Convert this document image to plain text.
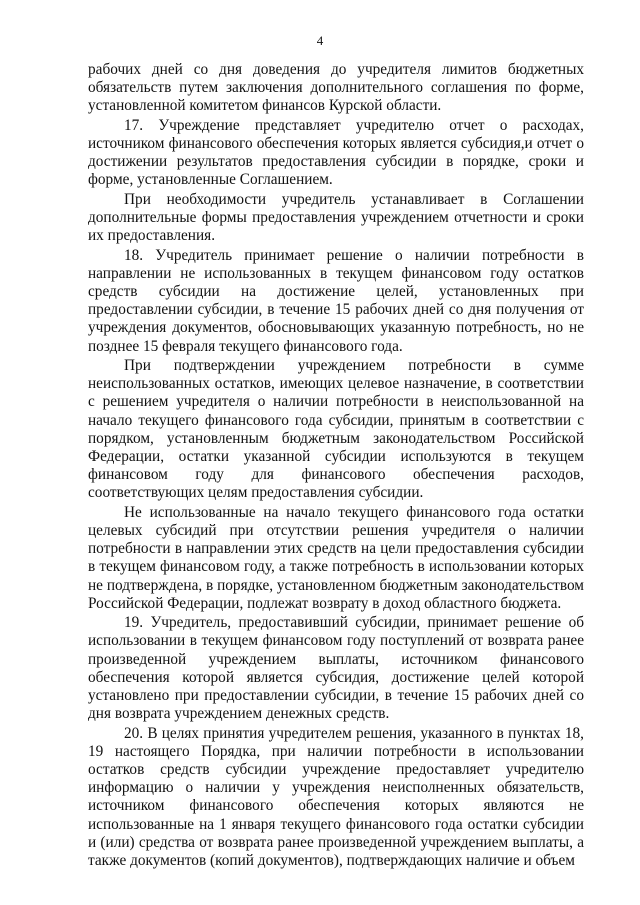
4

рабочих дней со дня доведения до учредителя лимитов бюджетных обязательств путем заключения дополнительного соглашения по форме, установленной комитетом финансов Курской области.

17. Учреждение представляет учредителю отчет о расходах, источником финансового обеспечения которых является субсидия,и отчет о достижении результатов предоставления субсидии в порядке, сроки и форме, установленные Соглашением.

При необходимости учредитель устанавливает в Соглашении дополнительные формы предоставления учреждением отчетности и сроки их предоставления.

18. Учредитель принимает решение о наличии потребности в направлении не использованных в текущем финансовом году остатков средств субсидии на достижение целей, установленных при предоставлении субсидии, в течение 15 рабочих дней со дня получения от учреждения документов, обосновывающих указанную потребность, но не позднее 15 февраля текущего финансового года.

При подтверждении учреждением потребности в сумме неиспользованных остатков, имеющих целевое назначение, в соответствии с решением учредителя о наличии потребности в неиспользованной на начало текущего финансового года субсидии, принятым в соответствии с порядком, установленным бюджетным законодательством Российской Федерации, остатки указанной субсидии используются в текущем финансовом году для финансового обеспечения расходов, соответствующих целям предоставления субсидии.

Не использованные на начало текущего финансового года остатки целевых субсидий при отсутствии решения учредителя о наличии потребности в направлении этих средств на цели предоставления субсидии в текущем финансовом году, а также потребность в использовании которых не подтверждена, в порядке, установленном бюджетным законодательством Российской Федерации, подлежат возврату в доход областного бюджета.

19. Учредитель, предоставивший субсидии, принимает решение об использовании в текущем финансовом году поступлений от возврата ранее произведенной учреждением выплаты, источником финансового обеспечения которой является субсидия, достижение целей которой установлено при предоставлении субсидии, в течение 15 рабочих дней со дня возврата учреждением денежных средств.

20. В целях принятия учредителем решения, указанного в пунктах 18, 19 настоящего Порядка, при наличии потребности в использовании остатков средств субсидии учреждение предоставляет учредителю информацию о наличии у учреждения неисполненных обязательств, источником финансового обеспечения которых являются не использованные на 1 января текущего финансового года остатки субсидии и (или) средства от возврата ранее произведенной учреждением выплаты, а также документов (копий документов), подтверждающих наличие и объем
